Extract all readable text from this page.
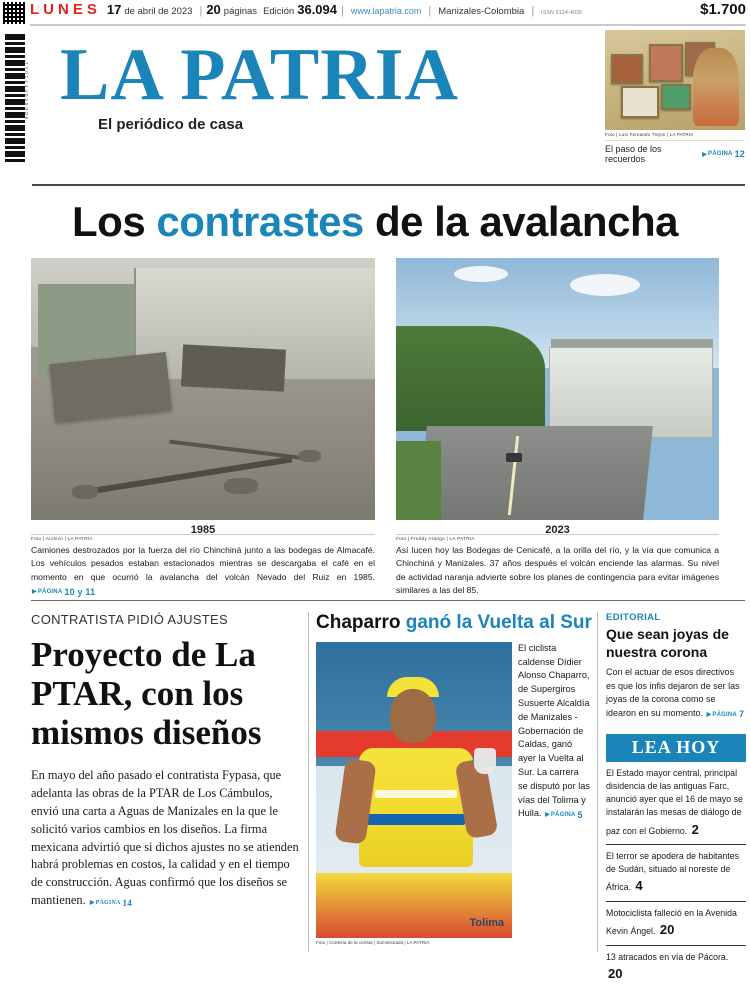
LUNES 17 de abril de 2023 | 20 páginas Edición 36.094 | www.lapatria.com | Manizales-Colombia | ISSN 0124-4035	$1.700
7 7 0 1 2 4 4 0 3 5 0 0 6 LA PATRIA
El periódico de casa
Foto | Luis Fernando Trejos | LA PATRIA
El paso de los recuerdos	▶ PÁGINA 12
Los contrastes de la avalancha
1985	2023
Foto | Archivo | LA PATRIA
Camiones destrozados por la fuerza del río Chinchiná junto a las bodegas de Almacafé. Los vehículos pesados estaban estacionados mientras se descargaba el café en el momento en que ocurrió la avalancha del volcán Nevado del Ruiz en 1985.
▶ PÁGINA 10 y 11
Foto | Freddy Arango | LA PATRIA
Así lucen hoy las Bodegas de Cenicafé, a la orilla del río, y la vía que comunica a Chinchiná y Manizales. 37 años después el volcán enciende las alarmas. Su nivel de actividad naranja advierte sobre los planes de contingencia para evitar imágenes similares a las del 85.
CONTRATISTA PIDIÓ AJUSTES
Proyecto de La PTAR, con los mismos diseños
En mayo del año pasado el contratista Fypasa, que adelanta las obras de la PTAR de Los Cámbulos, envió una carta a Aguas de Manizales en la que le solicitó varios cambios en los diseños. La firma mexicana advirtió que si dichos ajustes no se atienden habrá problemas en costos, la calidad y en el tiempo de construcción. Aguas confirmó que los diseños se mantienen. ▶ PÁGINA 14
Chaparro ganó la Vuelta al Sur
Tolima
El ciclista caldense Dídier Alonso Chaparro, de Supergiros Susuerte Alcaldía de Manizales - Gobernación de Caldas, ganó ayer la Vuelta al Sur. La carrera se disputó por las vías del Tolima y Huila. ▶ PÁGINA 5
Foto | Cortesía de la ciclista | Suministrada | LA PATRIA
EDITORIAL
Que sean joyas de nuestra corona
Con el actuar de esos directivos es que los infis dejaron de ser las joyas de la corona como se idearon en su momento. ▶ PÁGINA 7
LEA HOY
El Estado mayor central, principal disidencia de las antiguas Farc, anunció ayer que el 16 de mayo se instalarán las mesas de diálogo de paz con el Gobierno. 2
El terror se apodera de habitantes de Sudán, situado al noreste de África. 4
Motociclista falleció en la Avenida Kevin Ángel. 20
13 atracados en vía de Pácora. 20
